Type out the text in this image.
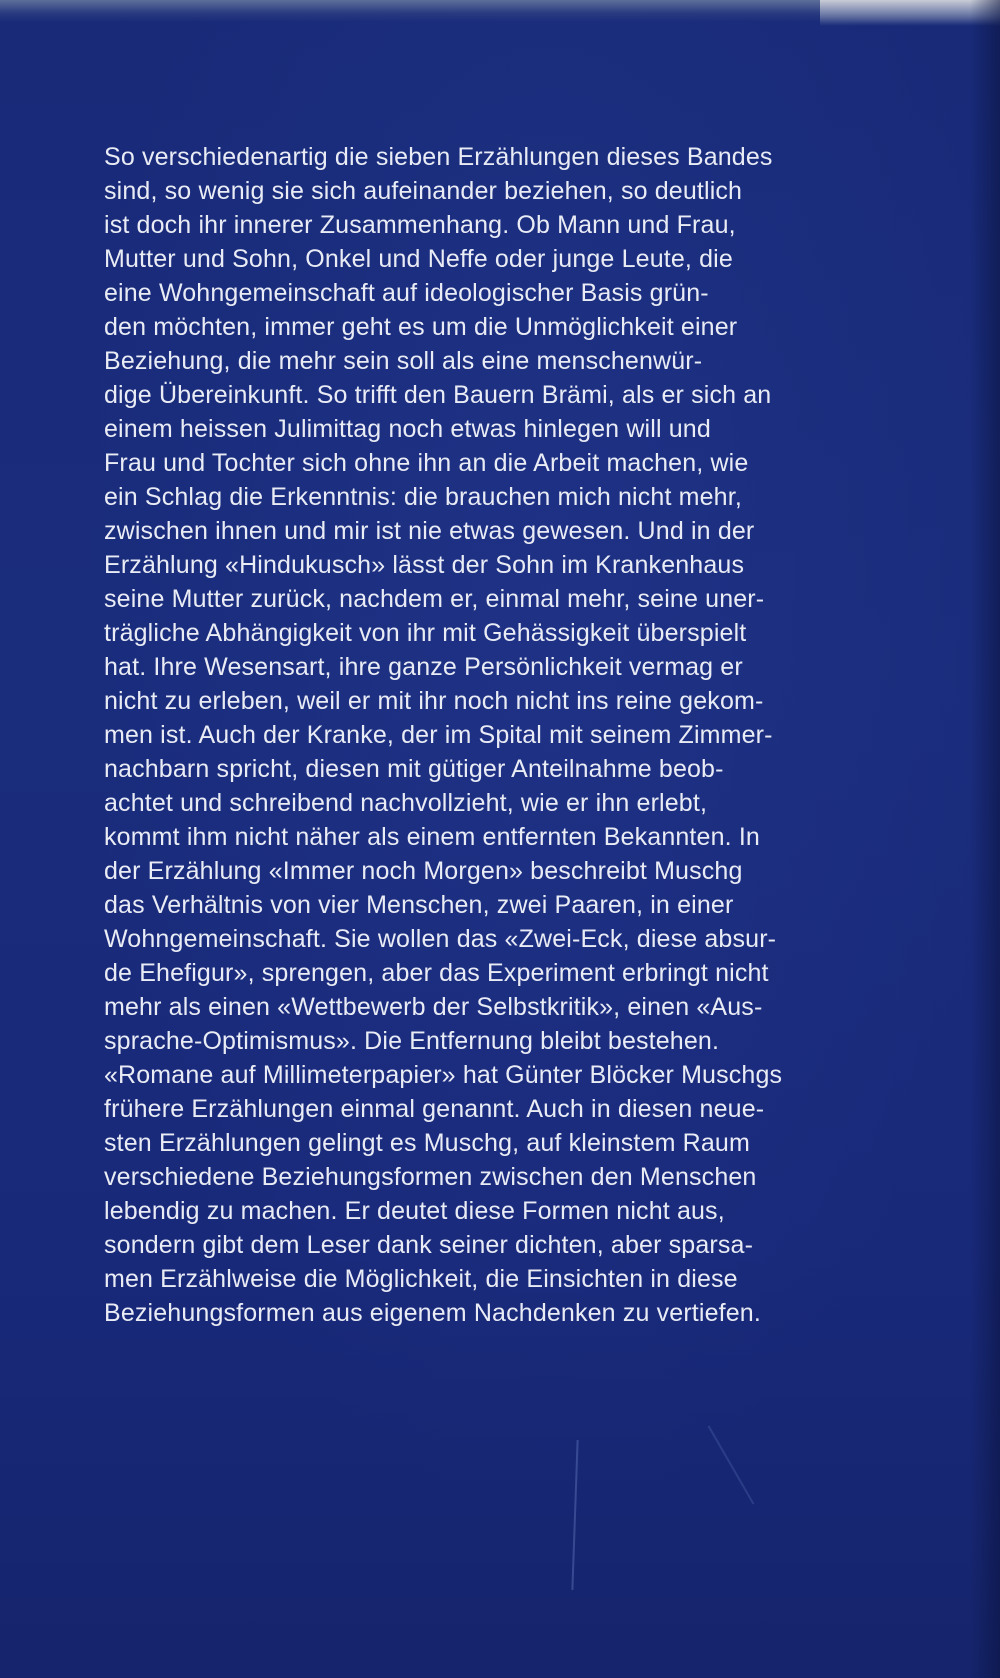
So verschiedenartig die sieben Erzählungen dieses Bandes
sind, so wenig sie sich aufeinander beziehen, so deutlich
ist doch ihr innerer Zusammenhang. Ob Mann und Frau,
Mutter und Sohn, Onkel und Neffe oder junge Leute, die
eine Wohngemeinschaft auf ideologischer Basis grün-
den möchten, immer geht es um die Unmöglichkeit einer
Beziehung, die mehr sein soll als eine menschenwür-
dige Übereinkunft. So trifft den Bauern Brämi, als er sich an
einem heissen Julimittag noch etwas hinlegen will und
Frau und Tochter sich ohne ihn an die Arbeit machen, wie
ein Schlag die Erkenntnis: die brauchen mich nicht mehr,
zwischen ihnen und mir ist nie etwas gewesen. Und in der
Erzählung «Hindukusch» lässt der Sohn im Krankenhaus
seine Mutter zurück, nachdem er, einmal mehr, seine uner-
trägliche Abhängigkeit von ihr mit Gehässigkeit überspielt
hat. Ihre Wesensart, ihre ganze Persönlichkeit vermag er
nicht zu erleben, weil er mit ihr noch nicht ins reine gekom-
men ist. Auch der Kranke, der im Spital mit seinem Zimmer-
nachbarn spricht, diesen mit gütiger Anteilnahme beob-
achtet und schreibend nachvollzieht, wie er ihn erlebt,
kommt ihm nicht näher als einem entfernten Bekannten. In
der Erzählung «Immer noch Morgen» beschreibt Muschg
das Verhältnis von vier Menschen, zwei Paaren, in einer
Wohngemeinschaft. Sie wollen das «Zwei-Eck, diese absur-
de Ehefigur», sprengen, aber das Experiment erbringt nicht
mehr als einen «Wettbewerb der Selbstkritik», einen «Aus-
sprache-Optimismus». Die Entfernung bleibt bestehen.
«Romane auf Millimeterpapier» hat Günter Blöcker Muschgs
frühere Erzählungen einmal genannt. Auch in diesen neue-
sten Erzählungen gelingt es Muschg, auf kleinstem Raum
verschiedene Beziehungsformen zwischen den Menschen
lebendig zu machen. Er deutet diese Formen nicht aus,
sondern gibt dem Leser dank seiner dichten, aber sparsa-
men Erzählweise die Möglichkeit, die Einsichten in diese
Beziehungsformen aus eigenem Nachdenken zu vertiefen.
